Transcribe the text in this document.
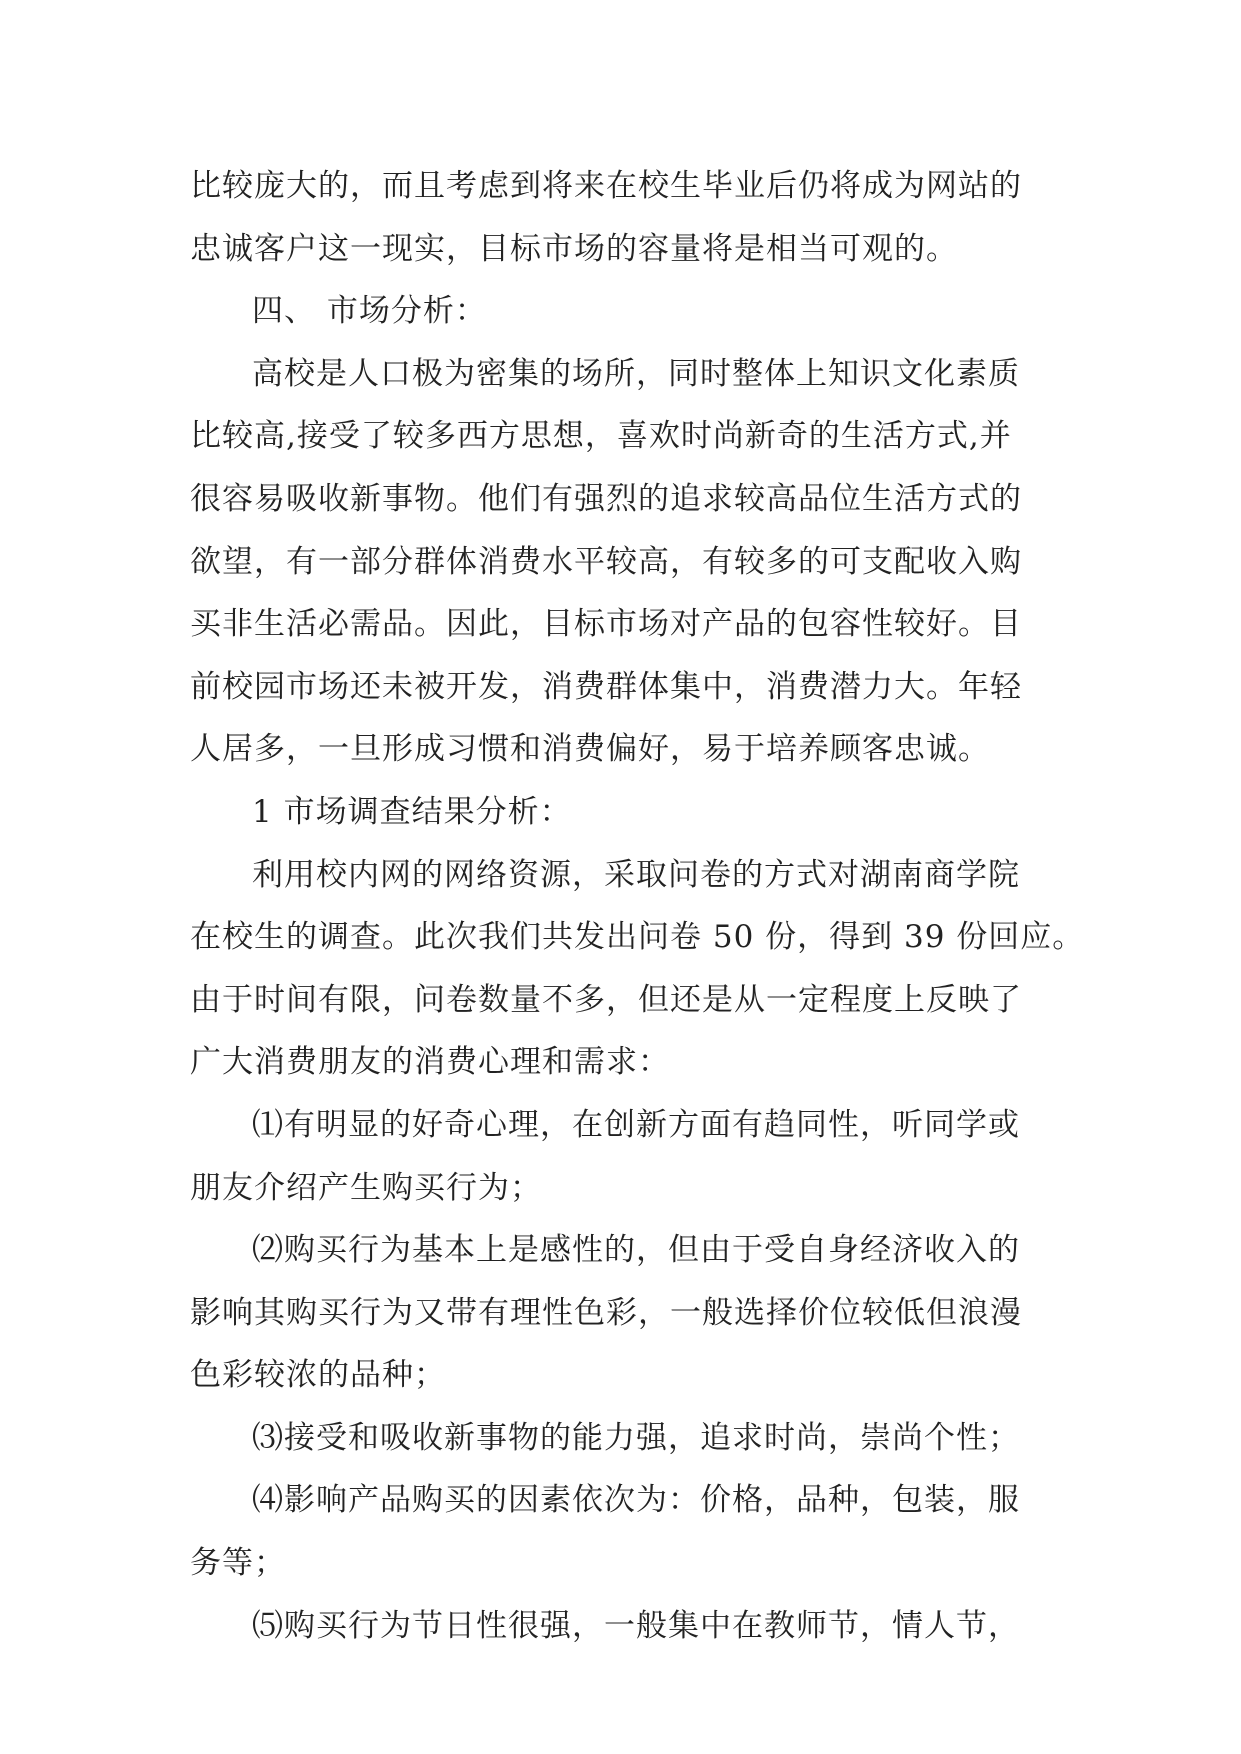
比较庞大的，而且考虑到将来在校生毕业后仍将成为网站的
忠诚客户这一现实，目标市场的容量将是相当可观的。
四、 市场分析：
高校是人口极为密集的场所，同时整体上知识文化素质
比较高,接受了较多西方思想，喜欢时尚新奇的生活方式,并
很容易吸收新事物。他们有强烈的追求较高品位生活方式的
欲望，有一部分群体消费水平较高，有较多的可支配收入购
买非生活必需品。因此，目标市场对产品的包容性较好。目
前校园市场还未被开发，消费群体集中，消费潜力大。年轻
人居多，一旦形成习惯和消费偏好，易于培养顾客忠诚。
1 市场调查结果分析：
利用校内网的网络资源，采取问卷的方式对湖南商学院
在校生的调查。此次我们共发出问卷 50 份，得到 39 份回应。
由于时间有限，问卷数量不多，但还是从一定程度上反映了
广大消费朋友的消费心理和需求：
⑴有明显的好奇心理，在创新方面有趋同性，听同学或
朋友介绍产生购买行为；
⑵购买行为基本上是感性的，但由于受自身经济收入的
影响其购买行为又带有理性色彩，一般选择价位较低但浪漫
色彩较浓的品种；
⑶接受和吸收新事物的能力强，追求时尚，崇尚个性；
⑷影响产品购买的因素依次为：价格，品种，包装，服
务等；
⑸购买行为节日性很强，一般集中在教师节，情人节，
